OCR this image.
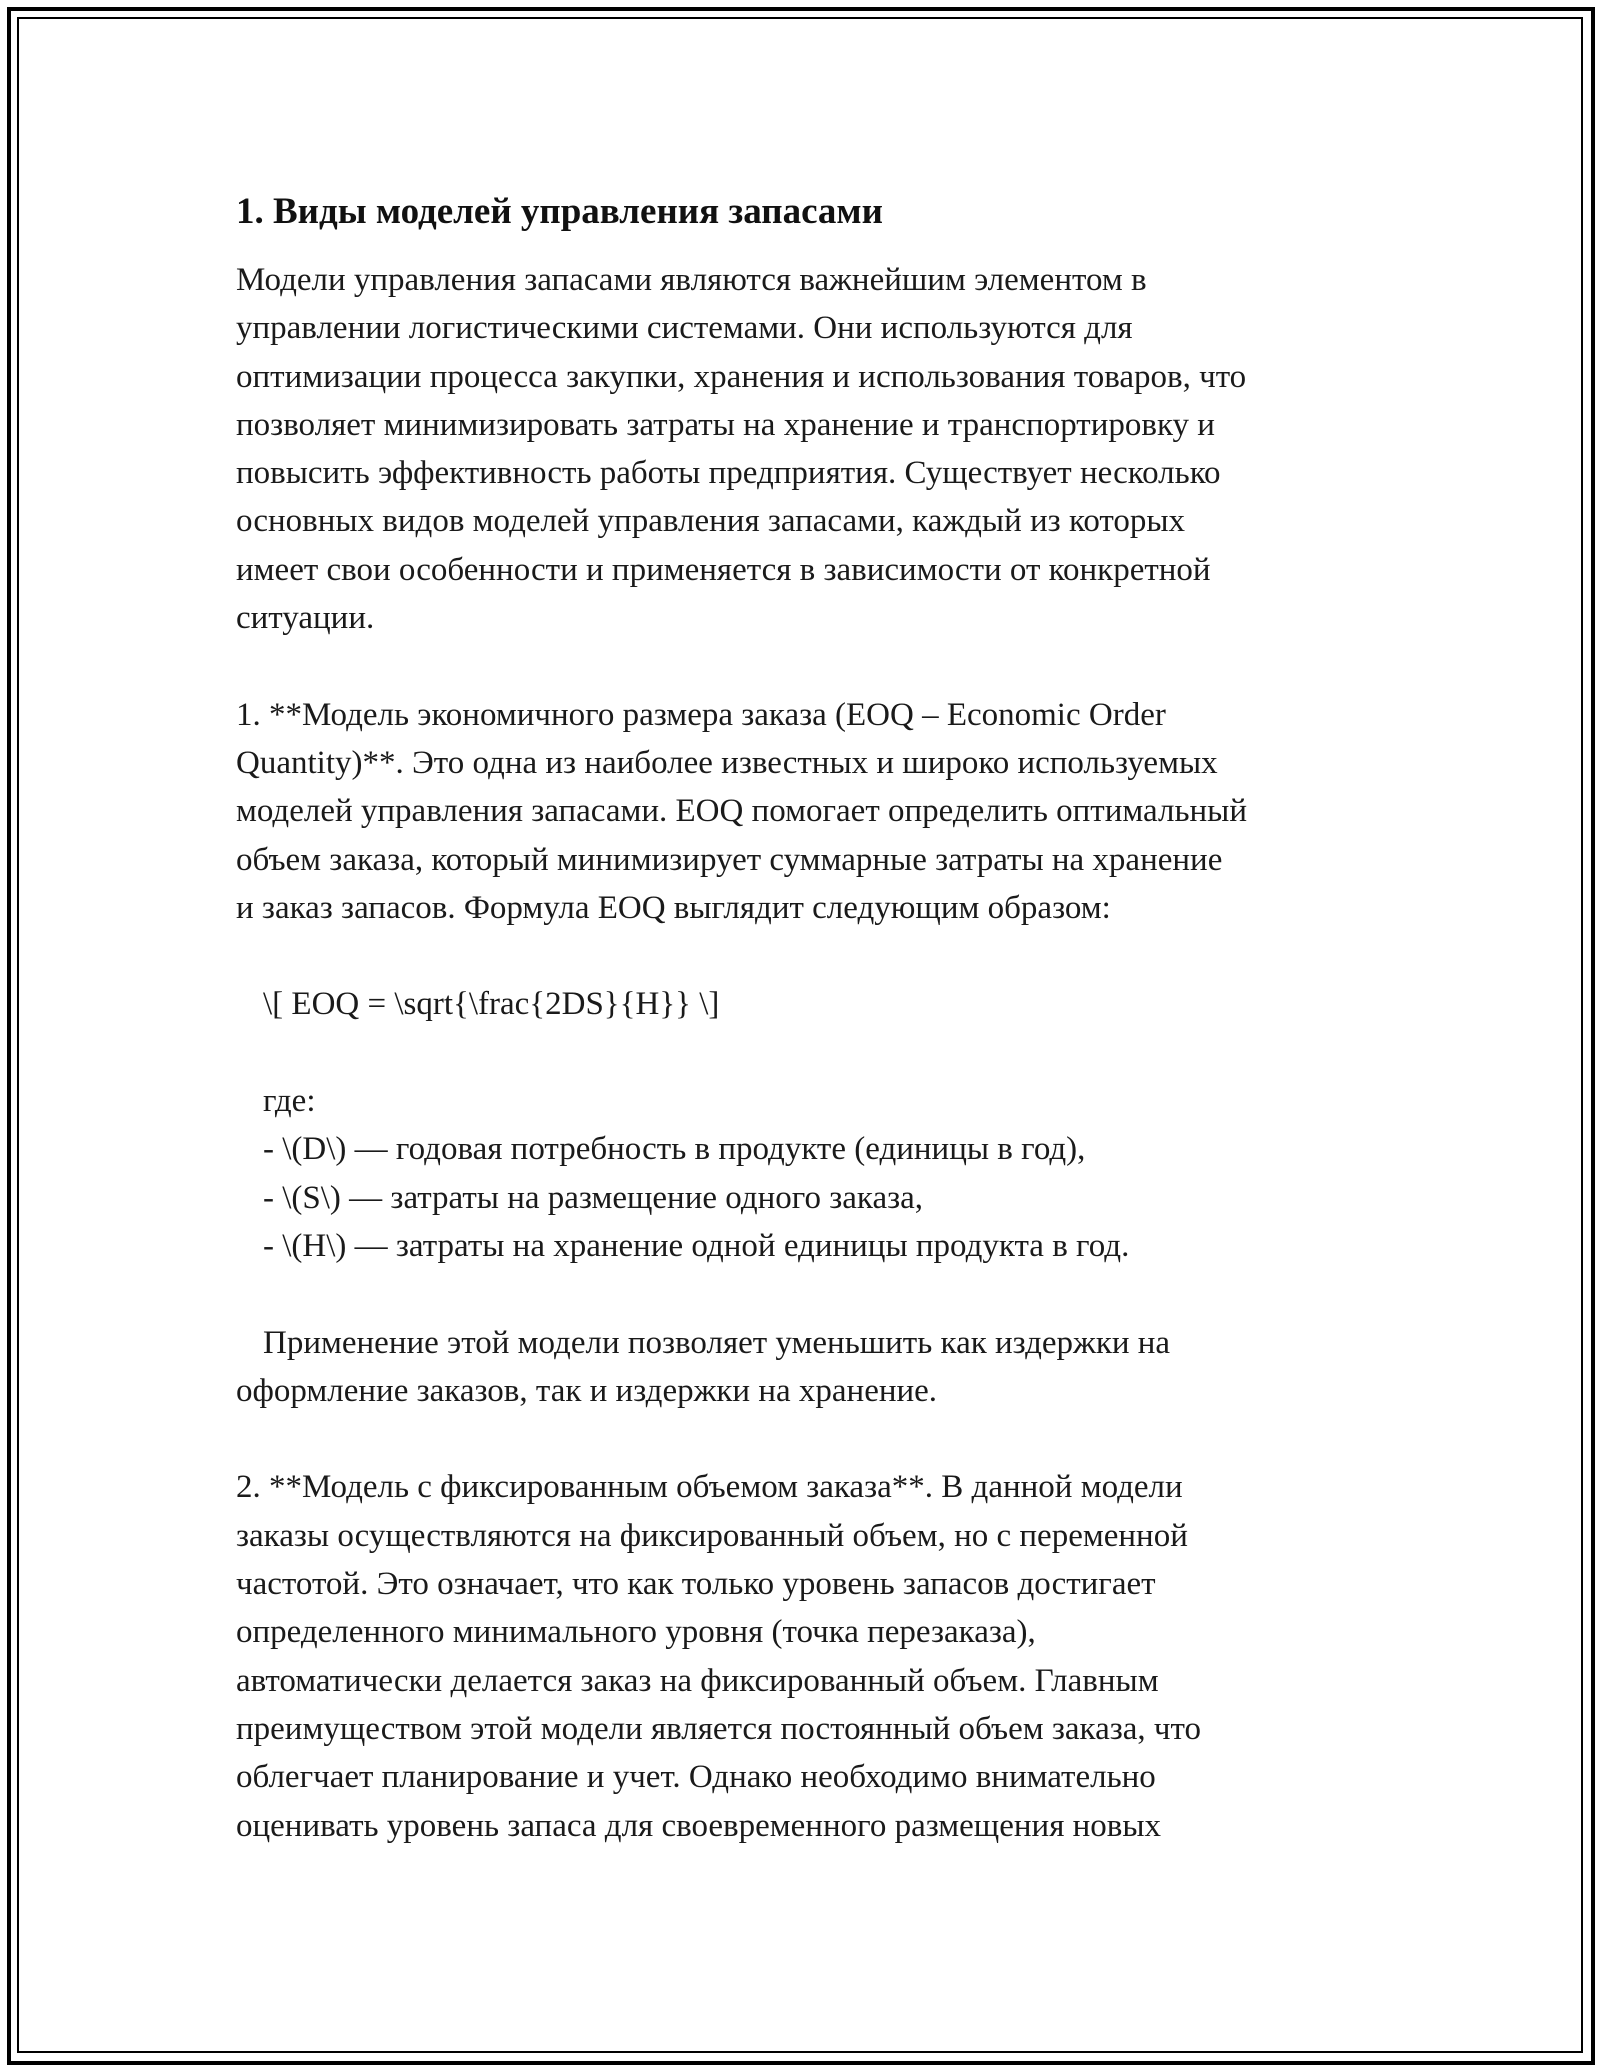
1. Виды моделей управления запасами
Модели управления запасами являются важнейшим элементом в
управлении логистическими системами. Они используются для
оптимизации процесса закупки, хранения и использования товаров, что
позволяет минимизировать затраты на хранение и транспортировку и
повысить эффективность работы предприятия. Существует несколько
основных видов моделей управления запасами, каждый из которых
имеет свои особенности и применяется в зависимости от конкретной
ситуации.
1. **Модель экономичного размера заказа (EOQ – Economic Order
Quantity)**. Это одна из наиболее известных и широко используемых
моделей управления запасами. EOQ помогает определить оптимальный
объем заказа, который минимизирует суммарные затраты на хранение
и заказ запасов. Формула EOQ выглядит следующим образом:
\[ EOQ = \sqrt{\frac{2DS}{H}} \]
где:
- \(D\) — годовая потребность в продукте (единицы в год),
- \(S\) — затраты на размещение одного заказа,
- \(H\) — затраты на хранение одной единицы продукта в год.
Применение этой модели позволяет уменьшить как издержки на
оформление заказов, так и издержки на хранение.
2. **Модель с фиксированным объемом заказа**. В данной модели
заказы осуществляются на фиксированный объем, но с переменной
частотой. Это означает, что как только уровень запасов достигает
определенного минимального уровня (точка перезаказа),
автоматически делается заказ на фиксированный объем. Главным
преимуществом этой модели является постоянный объем заказа, что
облегчает планирование и учет. Однако необходимо внимательно
оценивать уровень запаса для своевременного размещения новых
